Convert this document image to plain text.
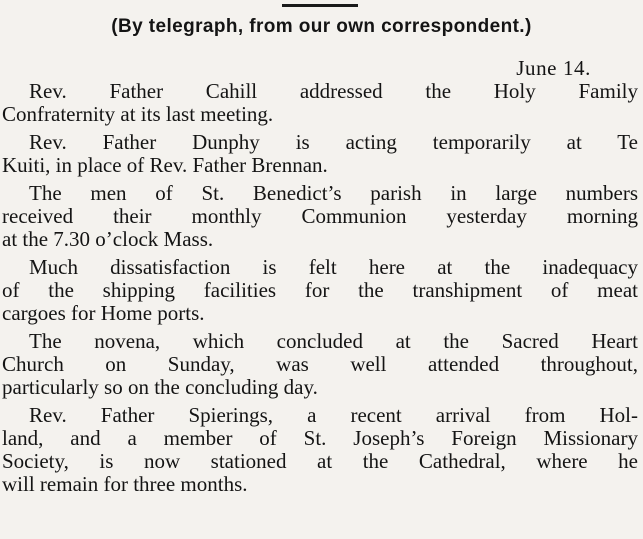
(By telegraph, from our own correspondent.)
June 14.
Rev. Father Cahill addressed the Holy Family
Confraternity at its last meeting.
Rev. Father Dunphy is acting temporarily at Te
Kuiti, in place of Rev. Father Brennan.
The men of St. Benedict’s parish in large numbers
received their monthly Communion yesterday morning
at the 7.30 o’clock Mass.
Much dissatisfaction is felt here at the inadequacy
of the shipping facilities for the transhipment of meat
cargoes for Home ports.
The novena, which concluded at the Sacred Heart
Church on Sunday, was well attended throughout,
particularly so on the concluding day.
Rev. Father Spierings, a recent arrival from Hol-
land, and a member of St. Joseph’s Foreign Missionary
Society, is now stationed at the Cathedral, where he
will remain for three months.
